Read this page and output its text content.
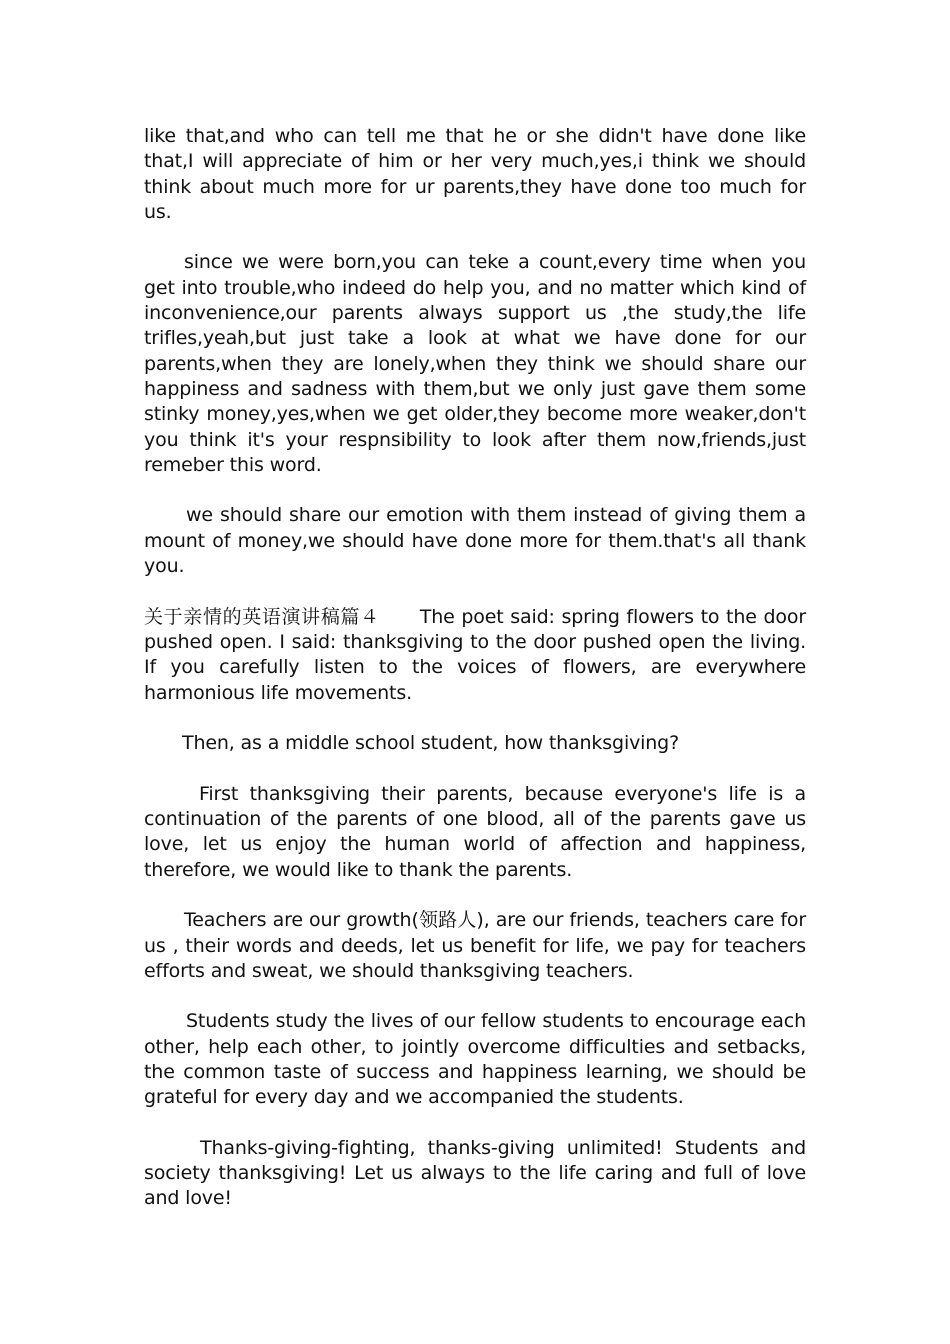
like that,and who can tell me that he or she didn't have done like that,I will appreciate of him or her very much,yes,i think we should think about much more for ur parents,they have done too much for us.

since we were born,you can teke a count,every time when you get into trouble,who indeed do help you, and no matter which kind of inconvenience,our parents always support us ,the study,the life trifles,yeah,but just take a look at what we have done for our parents,when they are lonely,when they think we should share our happiness and sadness with them,but we only just gave them some stinky money,yes,when we get older,they become more weaker,don't you think it's your respnsibility to look after them now,friends,just remeber this word.

we should share our emotion with them instead of giving them a mount of money,we should have done more for them.that's all thank you.

关于亲情的英语演讲稿篇４ The poet said: spring flowers to the door pushed open. I said: thanksgiving to the door pushed open the living. If you carefully listen to the voices of flowers, are everywhere harmonious life movements.

Then, as a middle school student, how thanksgiving?

First thanksgiving their parents, because everyone's life is a continuation of the parents of one blood, all of the parents gave us love, let us enjoy the human world of affection and happiness, therefore, we would like to thank the parents.

Teachers are our growth(领路人), are our friends, teachers care for us , their words and deeds, let us benefit for life, we pay for teachers efforts and sweat, we should thanksgiving teachers.

Students study the lives of our fellow students to encourage each other, help each other, to jointly overcome difficulties and setbacks, the common taste of success and happiness learning, we should be grateful for every day and we accompanied the students.

Thanks-giving-fighting, thanks-giving unlimited! Students and society thanksgiving! Let us always to the life caring and full of love and love!
